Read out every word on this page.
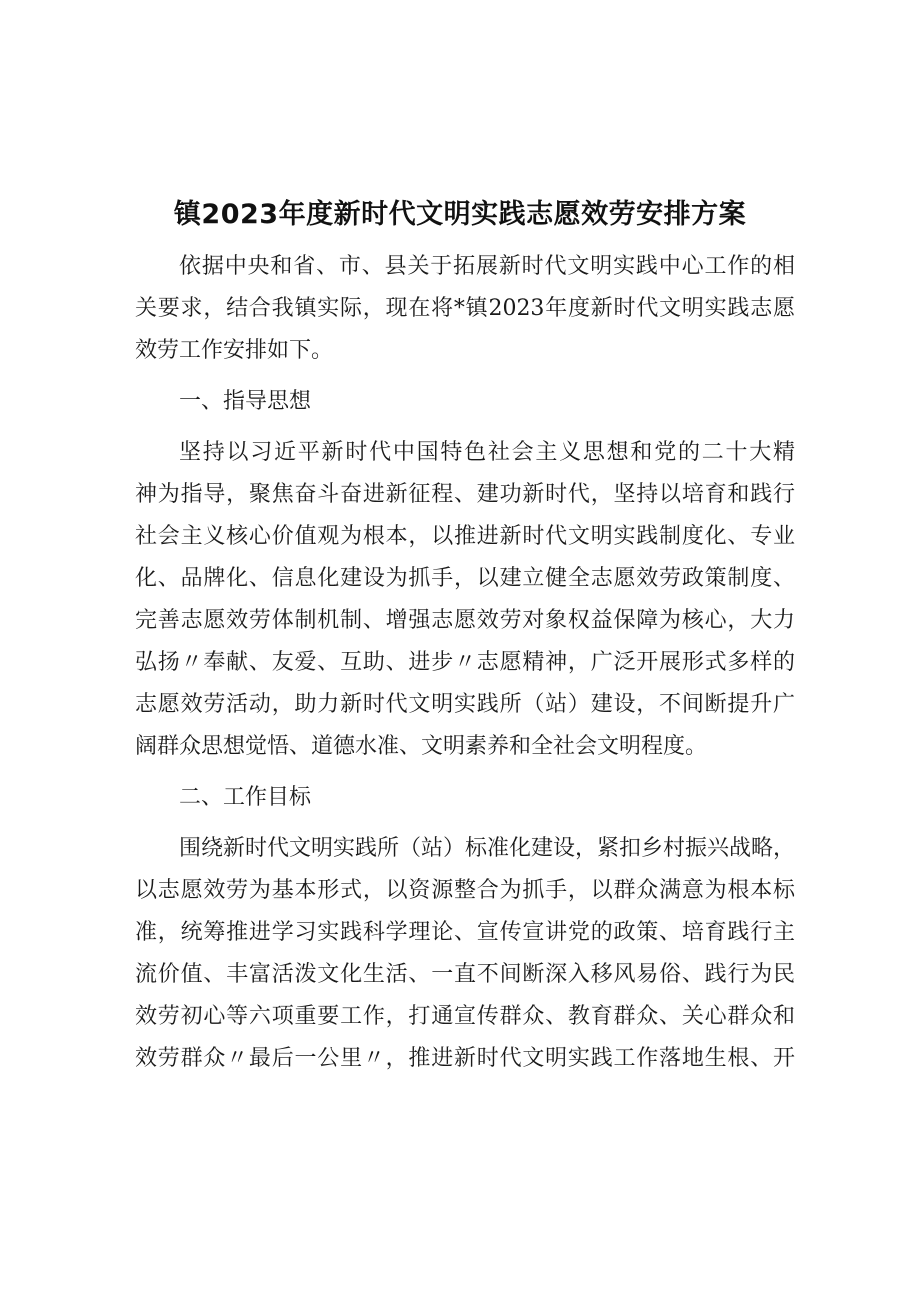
镇2023年度新时代文明实践志愿效劳安排方案
依据中央和省、市、县关于拓展新时代文明实践中心工作的相
关要求，结合我镇实际，现在将*镇2023年度新时代文明实践志愿
效劳工作安排如下。
一、指导思想
坚持以习近平新时代中国特色社会主义思想和党的二十大精
神为指导，聚焦奋斗奋进新征程、建功新时代，坚持以培育和践行
社会主义核心价值观为根本，以推进新时代文明实践制度化、专业
化、品牌化、信息化建设为抓手，以建立健全志愿效劳政策制度、
完善志愿效劳体制机制、增强志愿效劳对象权益保障为核心，大力
弘扬〃奉献、友爱、互助、进步〃志愿精神，广泛开展形式多样的
志愿效劳活动，助力新时代文明实践所（站）建设，不间断提升广
阔群众思想觉悟、道德水准、文明素养和全社会文明程度。
二、工作目标
围绕新时代文明实践所（站）标准化建设，紧扣乡村振兴战略，
以志愿效劳为基本形式，以资源整合为抓手，以群众满意为根本标
准，统筹推进学习实践科学理论、宣传宣讲党的政策、培育践行主
流价值、丰富活泼文化生活、一直不间断深入移风易俗、践行为民
效劳初心等六项重要工作，打通宣传群众、教育群众、关心群众和
效劳群众〃最后一公里〃，推进新时代文明实践工作落地生根、开
